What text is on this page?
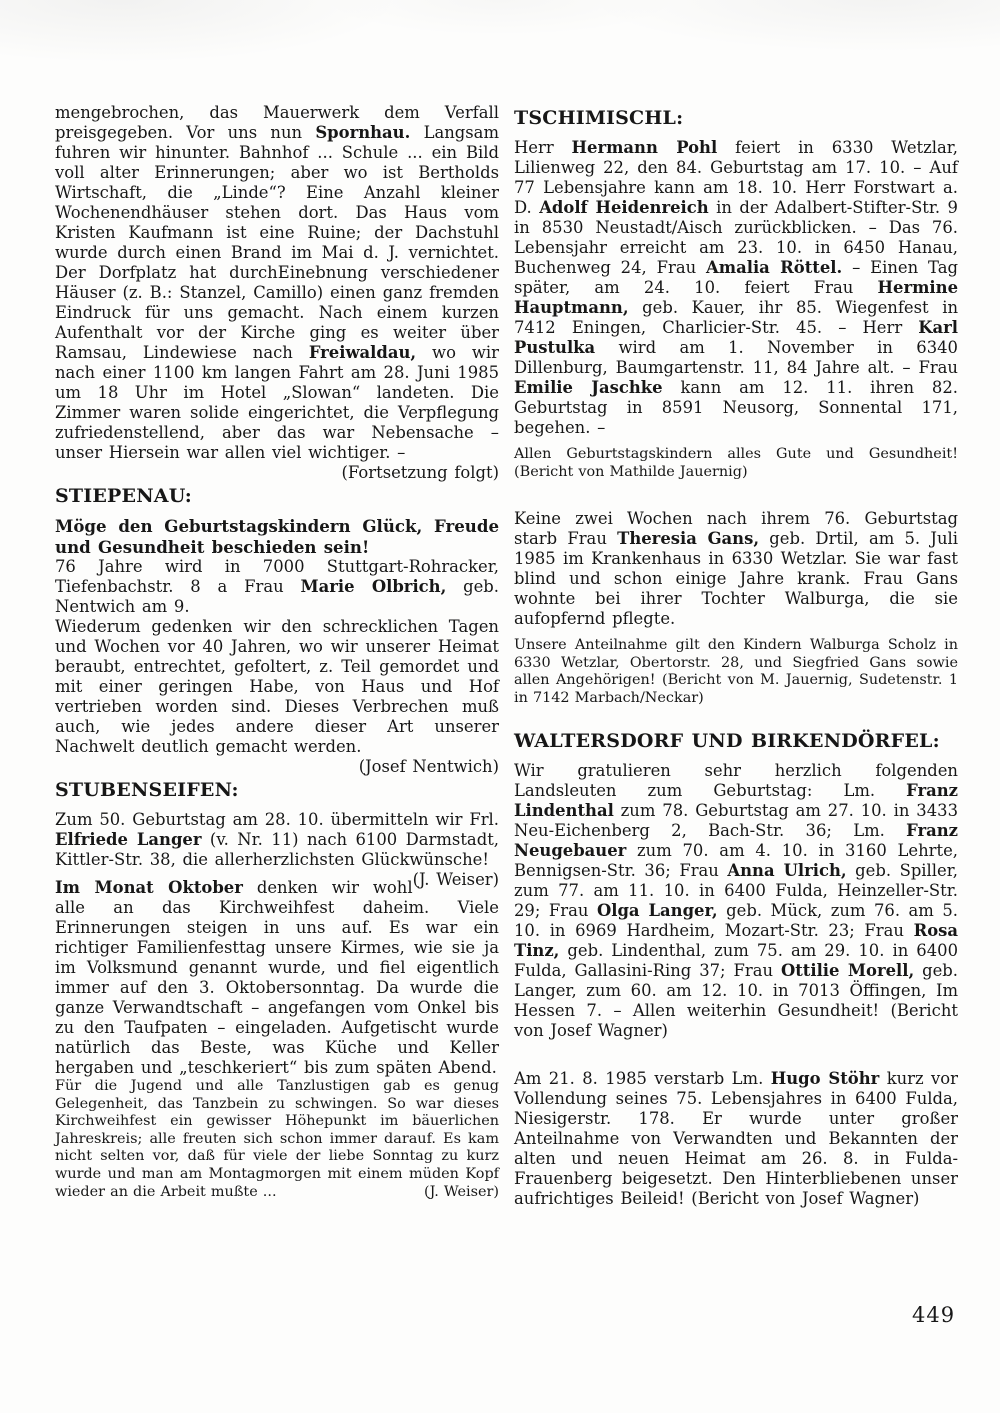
mengebrochen, das Mauerwerk dem Verfall preisgegeben. Vor uns nun Spornhau. Langsam fuhren wir hinunter. Bahnhof ... Schule ... ein Bild voll alter Erinnerungen; aber wo ist Bertholds Wirtschaft, die „Linde“? Eine Anzahl kleiner Wochenendhäuser stehen dort. Das Haus vom Kristen Kaufmann ist eine Ruine; der Dachstuhl wurde durch einen Brand im Mai d. J. vernichtet. Der Dorfplatz hat durchEinebnung verschiedener Häuser (z. B.: Stanzel, Camillo) einen ganz fremden Eindruck für uns gemacht. Nach einem kurzen Aufenthalt vor der Kirche ging es weiter über Ramsau, Lindewiese nach Freiwaldau, wo wir nach einer 1100 km langen Fahrt am 28. Juni 1985 um 18 Uhr im Hotel „Slowan“ landeten. Die Zimmer waren solide eingerichtet, die Verpflegung zufriedenstellend, aber das war Nebensache – unser Hiersein war allen viel wichtiger. –
(Fortsetzung folgt)
STIEPENAU:
Möge den Geburtstagskindern Glück, Freude und Gesundheit beschieden sein!
76 Jahre wird in 7000 Stuttgart-Rohracker, Tiefenbachstr. 8 a Frau Marie Olbrich, geb. Nentwich am 9.
Wiederum gedenken wir den schrecklichen Tagen und Wochen vor 40 Jahren, wo wir unserer Heimat beraubt, entrechtet, gefoltert, z. Teil gemordet und mit einer geringen Habe, von Haus und Hof vertrieben worden sind. Dieses Verbrechen muß auch, wie jedes andere dieser Art unserer Nachwelt deutlich gemacht werden.
(Josef Nentwich)
STUBENSEIFEN:
Zum 50. Geburtstag am 28. 10. übermitteln wir Frl. Elfriede Langer (v. Nr. 11) nach 6100 Darmstadt, Kittler-Str. 38, die allerherzlichsten Glückwünsche!
(J. Weiser)
Im Monat Oktober denken wir wohl alle an das Kirchweihfest daheim. Viele Erinnerungen steigen in uns auf. Es war ein richtiger Familienfesttag unsere Kirmes, wie sie ja im Volksmund genannt wurde, und fiel eigentlich immer auf den 3. Oktobersonntag. Da wurde die ganze Verwandtschaft – angefangen vom Onkel bis zu den Taufpaten – eingeladen. Aufgetischt wurde natürlich das Beste, was Küche und Keller hergaben und „teschkeriert“ bis zum späten Abend.
Für die Jugend und alle Tanzlustigen gab es genug Gelegenheit, das Tanzbein zu schwingen. So war dieses Kirchweihfest ein gewisser Höhepunkt im bäuerlichen Jahreskreis; alle freuten sich schon immer darauf. Es kam nicht selten vor, daß für viele der liebe Sonntag zu kurz wurde und man am Montagmorgen mit einem müden Kopf wieder an die Arbeit mußte ...	(J. Weiser)
TSCHIMISCHL:
Herr Hermann Pohl feiert in 6330 Wetzlar, Lilienweg 22, den 84. Geburtstag am 17. 10. – Auf 77 Lebensjahre kann am 18. 10. Herr Forstwart a. D. Adolf Heidenreich in der Adalbert-Stifter-Str. 9 in 8530 Neustadt/Aisch zurückblicken. – Das 76. Lebensjahr erreicht am 23. 10. in 6450 Hanau, Buchenweg 24, Frau Amalia Röttel. – Einen Tag später, am 24. 10. feiert Frau Hermine Hauptmann, geb. Kauer, ihr 85. Wiegenfest in 7412 Eningen, Charlicier-Str. 45. – Herr Karl Pustulka wird am 1. November in 6340 Dillenburg, Baumgartenstr. 11, 84 Jahre alt. – Frau Emilie Jaschke kann am 12. 11. ihren 82. Geburtstag in 8591 Neusorg, Sonnental 171, begehen. –
Allen Geburtstagskindern alles Gute und Gesundheit! (Bericht von Mathilde Jauernig)
Keine zwei Wochen nach ihrem 76. Geburtstag starb Frau Theresia Gans, geb. Drtil, am 5. Juli 1985 im Krankenhaus in 6330 Wetzlar. Sie war fast blind und schon einige Jahre krank. Frau Gans wohnte bei ihrer Tochter Walburga, die sie aufopfernd pflegte.
Unsere Anteilnahme gilt den Kindern Walburga Scholz in 6330 Wetzlar, Obertorstr. 28, und Siegfried Gans sowie allen Angehörigen! (Bericht von M. Jauernig, Sudetenstr. 1 in 7142 Marbach/Neckar)
WALTERSDORF UND BIRKENDÖRFEL:
Wir gratulieren sehr herzlich folgenden Landsleuten zum Geburtstag: Lm. Franz Lindenthal zum 78. Geburtstag am 27. 10. in 3433 Neu-Eichenberg 2, Bach-Str. 36; Lm. Franz Neugebauer zum 70. am 4. 10. in 3160 Lehrte, Bennigsen-Str. 36; Frau Anna Ulrich, geb. Spiller, zum 77. am 11. 10. in 6400 Fulda, Heinzeller-Str. 29; Frau Olga Langer, geb. Mück, zum 76. am 5. 10. in 6969 Hardheim, Mozart-Str. 23; Frau Rosa Tinz, geb. Lindenthal, zum 75. am 29. 10. in 6400 Fulda, Gallasini-Ring 37; Frau Ottilie Morell, geb. Langer, zum 60. am 12. 10. in 7013 Öffingen, Im Hessen 7. – Allen weiterhin Gesundheit! (Bericht von Josef Wagner)
Am 21. 8. 1985 verstarb Lm. Hugo Stöhr kurz vor Vollendung seines 75. Lebensjahres in 6400 Fulda, Niesigerstr. 178. Er wurde unter großer Anteilnahme von Verwandten und Bekannten der alten und neuen Heimat am 26. 8. in Fulda-Frauenberg beigesetzt. Den Hinterbliebenen unser aufrichtiges Beileid! (Bericht von Josef Wagner)
449
